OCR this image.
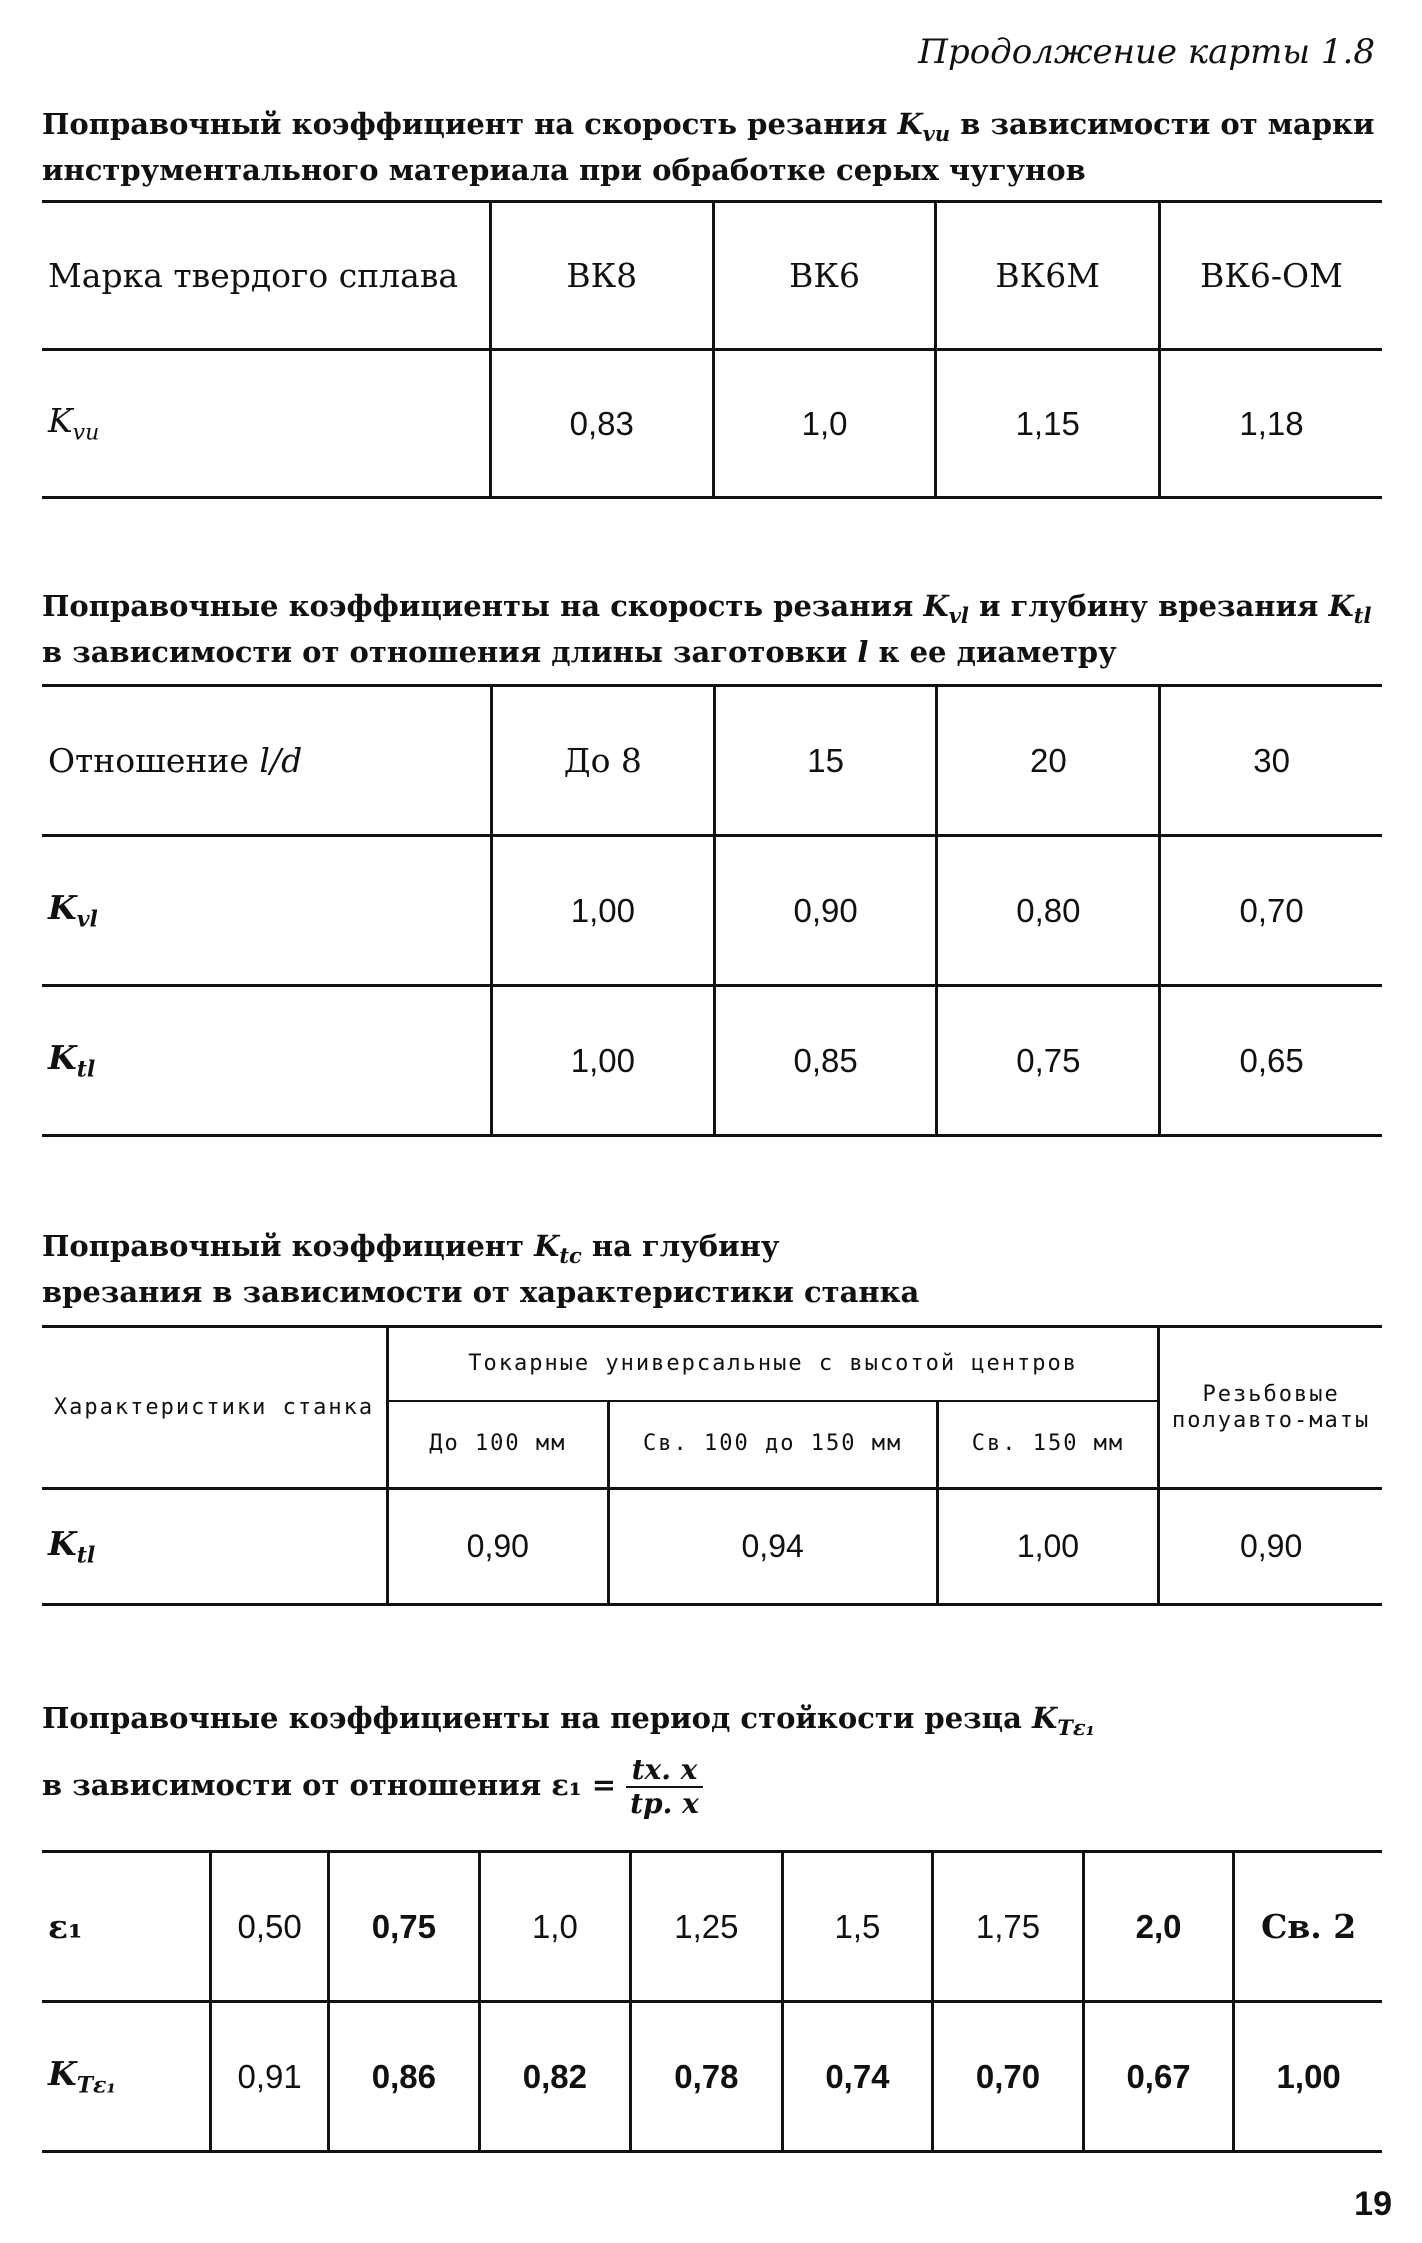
Продолжение карты 1.8
Поправочный коэффициент на скорость резания $K_{vи}$ в зависимости от марки инструментального материала при обработке серых чугунов
Марка твердого сплава	ВК8	ВК6	ВК6М	ВК6-ОМ
$K_{vи}$	0,83	1,0	1,15	1,18
Поправочные коэффициенты на скорость резания $K_{vl}$ и глубину врезания $K_{tl}$ в зависимости от отношения длины заготовки l к ее диаметру
Отношение l/d	До 8	15	20	30
$K_{vl}$	1,00	0,90	0,80	0,70
$K_{tl}$	1,00	0,85	0,75	0,65
Поправочный коэффициент $K_{tc}$ на глубину врезания в зависимости от характеристики станка
Характеристики станка	Токарные универсальные с высотой центров			Резьбовые полуавто-маты
	До 100 мм	Св. 100 до 150 мм	Св. 150 мм	
$K_{tl}$	0,90	0,94	1,00	0,90
Поправочные коэффициенты на период стойкости резца $K_{T\varepsilon_1}$
в зависимости от отношения $\varepsilon_1 = \frac{tх. х}{tр. х}$
ε₁	0,50	0,75	1,0	1,25	1,5	1,75	2,0	Св. 2
$K_{T\varepsilon_1}$	0,91	0,86	0,82	0,78	0,74	0,70	0,67	1,00
19
